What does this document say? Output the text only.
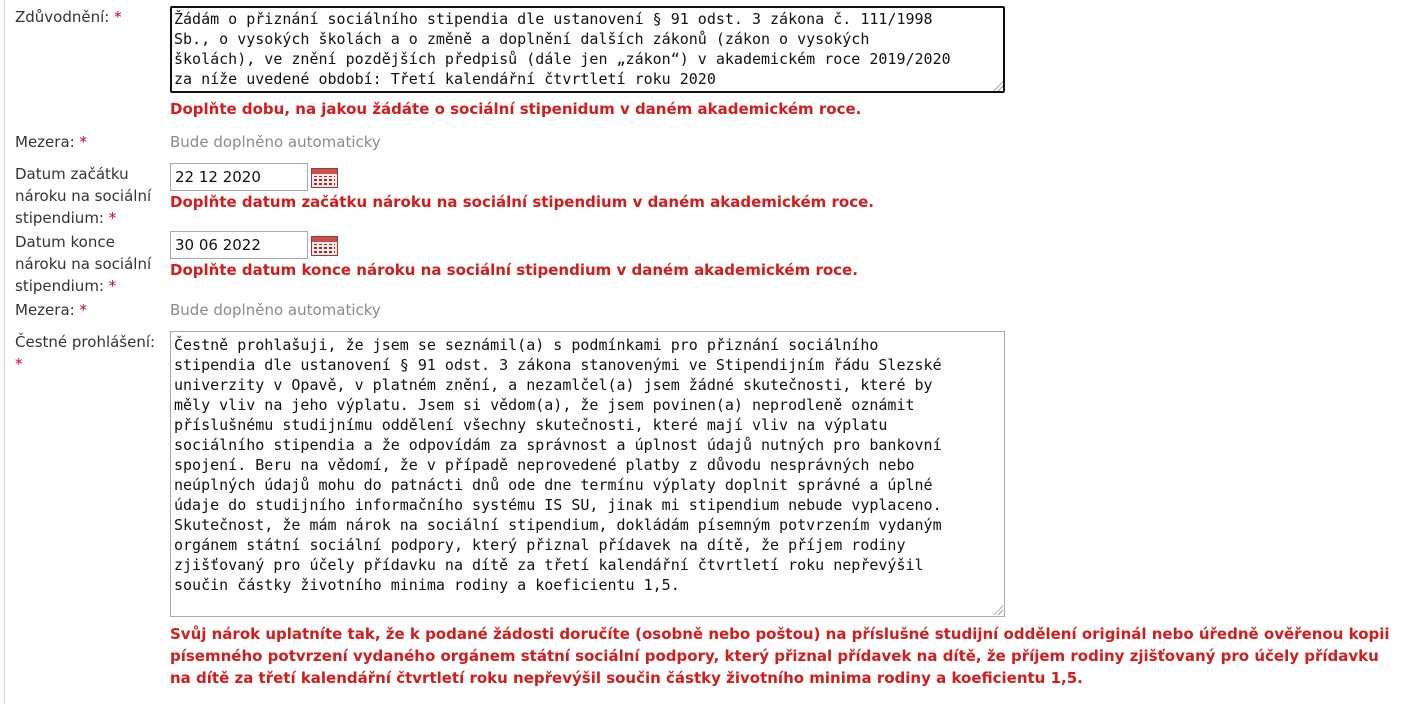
Zdůvodnění: *
Žádám o přiznání sociálního stipendia dle ustanovení § 91 odst. 3 zákona č. 111/1998 Sb., o vysokých školách a o změně a doplnění dalších zákonů (zákon o vysokých školách), ve znění pozdějších předpisů (dále jen „zákon“) v akademickém roce 2019/2020 za níže uvedené období: Třetí kalendářní čtvrtletí roku 2020
Doplňte dobu, na jakou žádáte o sociální stipenidum v daném akademickém roce.
Mezera: *	Bude doplněno automaticky
Datum začátku nároku na sociální stipendium: *
22 12 2020
Doplňte datum začátku nároku na sociální stipendium v daném akademickém roce.
Datum konce nároku na sociální stipendium: *
30 06 2022
Doplňte datum konce nároku na sociální stipendium v daném akademickém roce.
Mezera: *	Bude doplněno automaticky
Čestné prohlášení: *
Čestně prohlašuji, že jsem se seznámil(a) s podmínkami pro přiznání sociálního stipendia dle ustanovení § 91 odst. 3 zákona stanovenými ve Stipendijním řádu Slezské univerzity v Opavě, v platném znění, a nezamlčel(a) jsem žádné skutečnosti, které by měly vliv na jeho výplatu. Jsem si vědom(a), že jsem povinen(a) neprodleně oznámit příslušnému studijnímu oddělení všechny skutečnosti, které mají vliv na výplatu sociálního stipendia a že odpovídám za správnost a úplnost údajů nutných pro bankovní spojení. Beru na vědomí, že v případě neprovedené platby z důvodu nesprávných nebo neúplných údajů mohu do patnácti dnů ode dne termínu výplaty doplnit správné a úplné údaje do studijního informačního systému IS SU, jinak mi stipendium nebude vyplaceno. Skutečnost, že mám nárok na sociální stipendium, dokládám písemným potvrzením vydaným orgánem státní sociální podpory, který přiznal přídavek na dítě, že příjem rodiny zjišťovaný pro účely přídavku na dítě za třetí kalendářní čtvrtletí roku nepřevýšil součin částky životního minima rodiny a koeficientu 1,5.
Svůj nárok uplatníte tak, že k podané žádosti doručíte (osobně nebo poštou) na příslušné studijní oddělení originál nebo úředně ověřenou kopii písemného potvrzení vydaného orgánem státní sociální podpory, který přiznal přídavek na dítě, že příjem rodiny zjišťovaný pro účely přídavku na dítě za třetí kalendářní čtvrtletí roku nepřevýšil součin částky životního minima rodiny a koeficientu 1,5.
